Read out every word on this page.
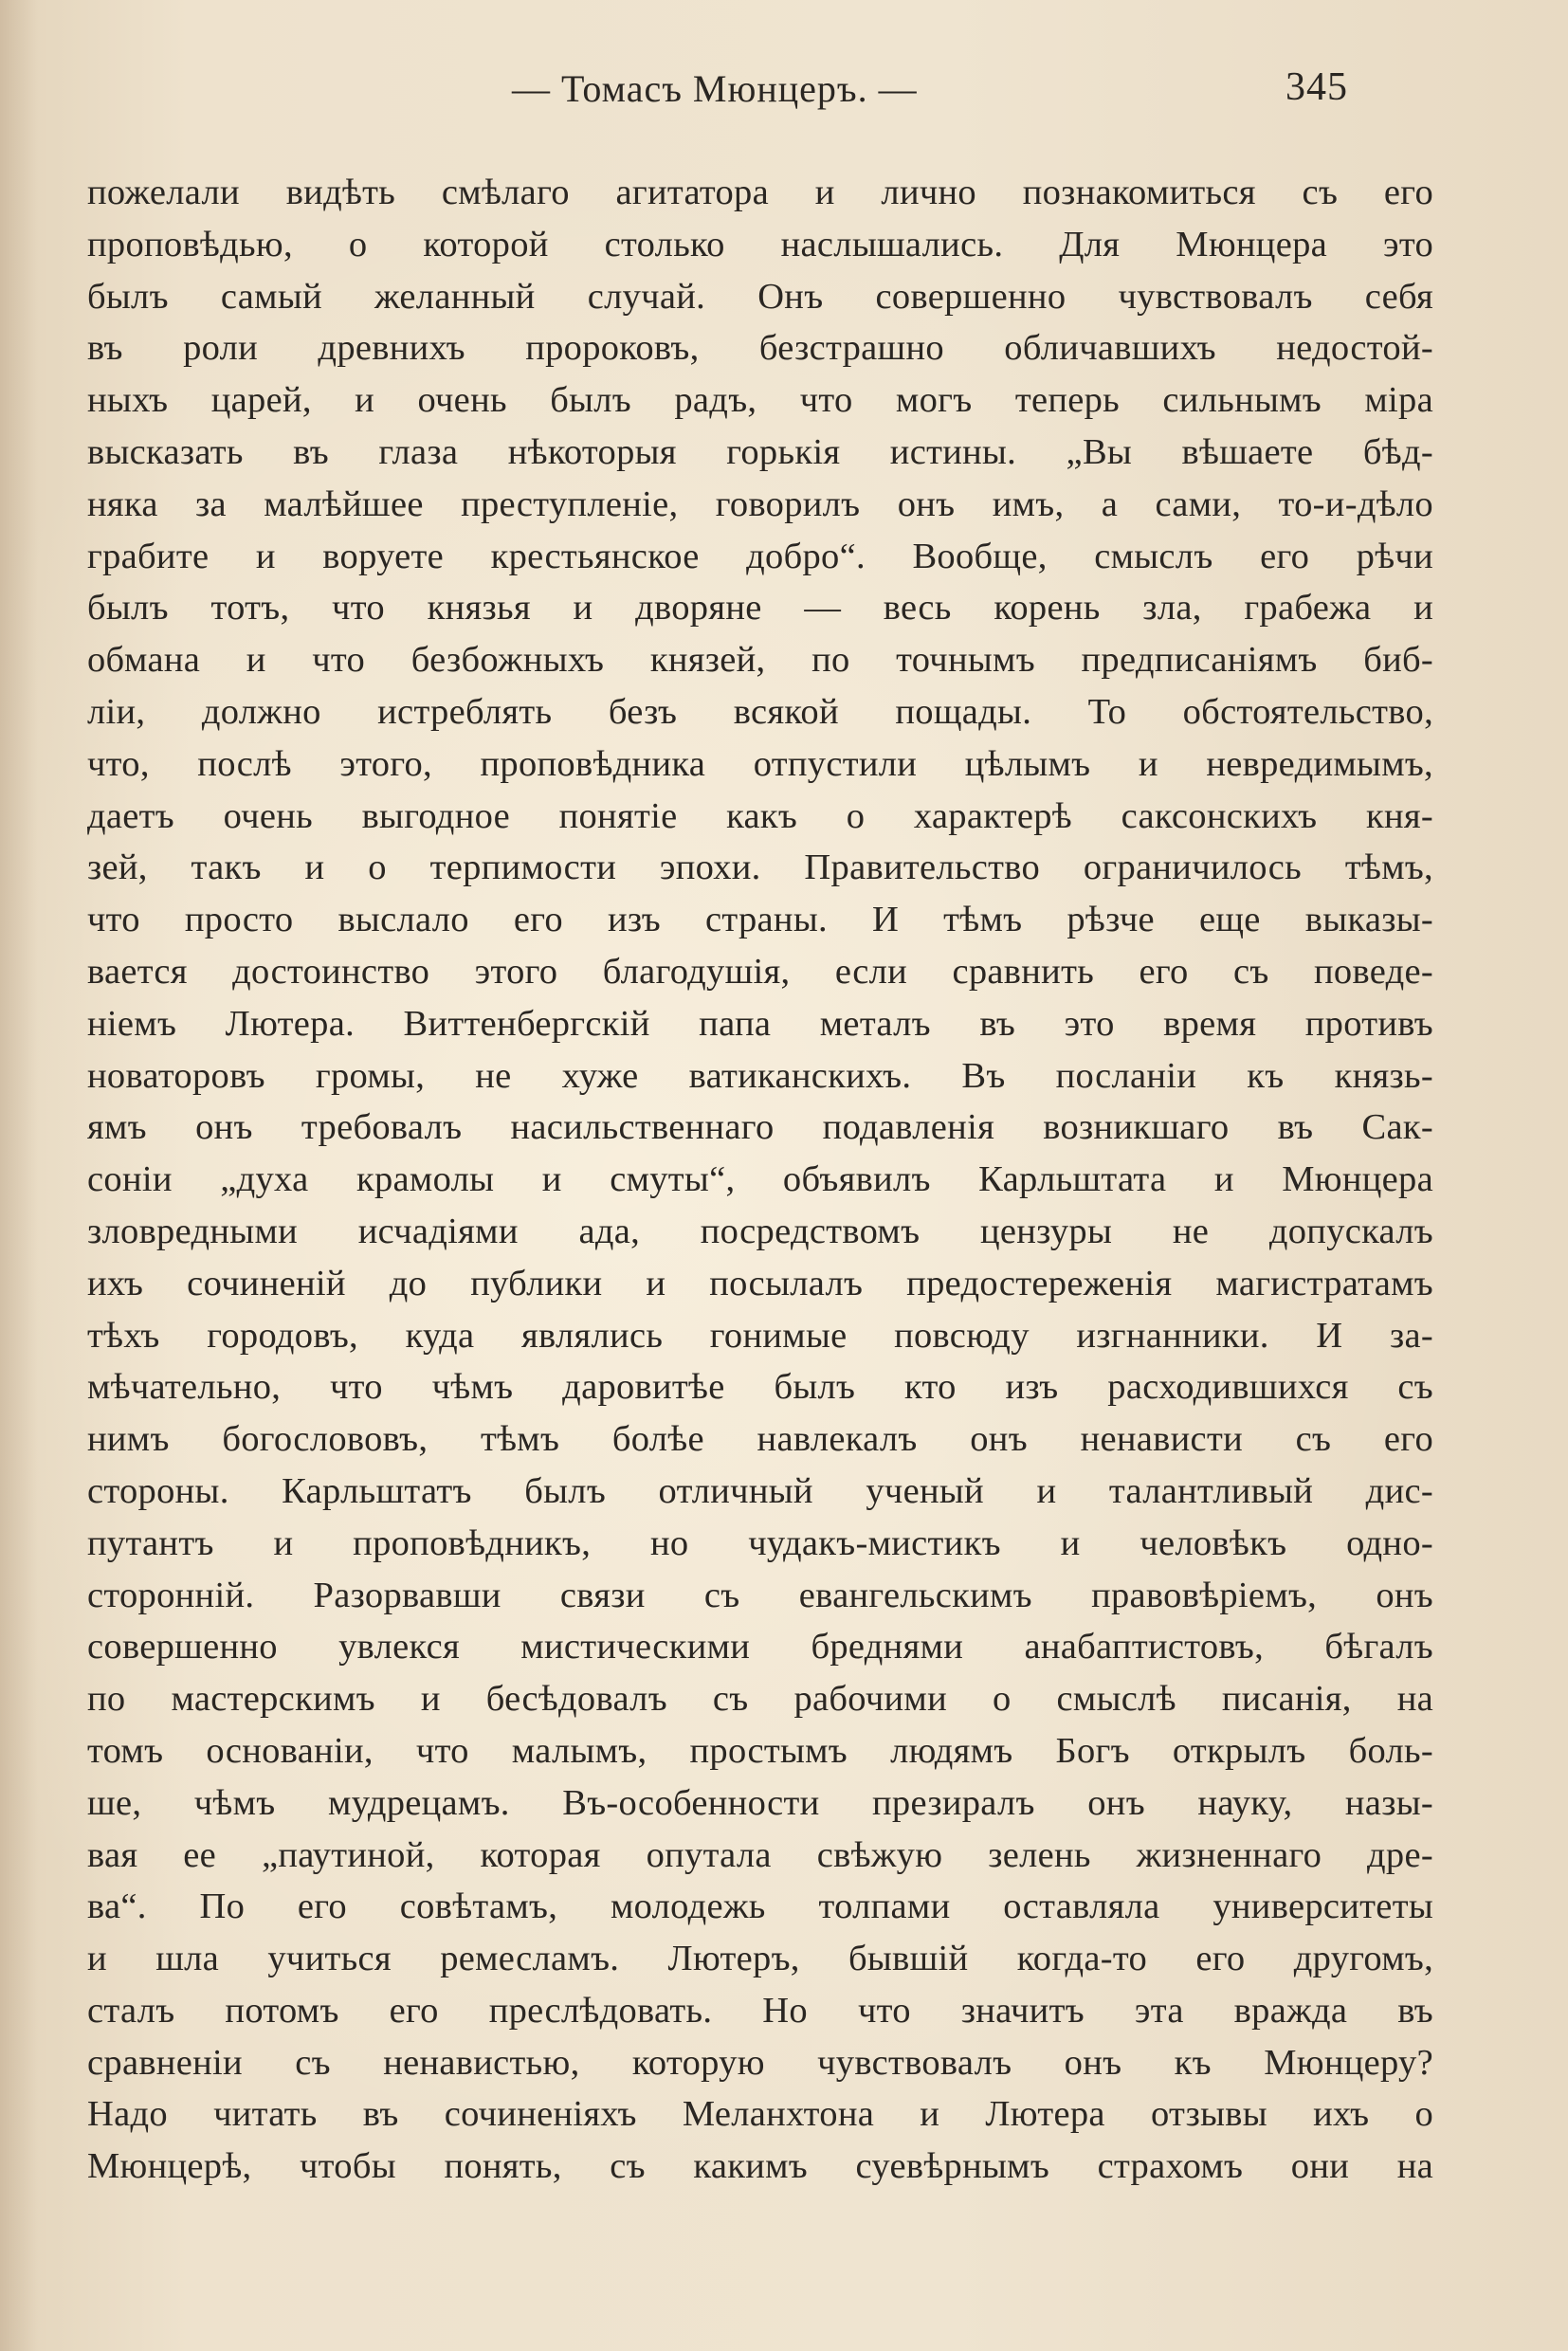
— Томасъ Мюнцеръ. —	345
пожелали видѣть смѣлаго агитатора и лично познакомиться съ его
проповѣдью, о которой столько наслышались. Для Мюнцера это
былъ самый желанный случай. Онъ совершенно чувствовалъ себя
въ роли древнихъ пророковъ, безстрашно обличавшихъ недостой-
ныхъ царей, и очень былъ радъ, что могъ теперь сильнымъ міра
высказать въ глаза нѣкоторыя горькія истины. „Вы вѣшаете бѣд-
няка за малѣйшее преступленіе, говорилъ онъ имъ, а сами, то-и-дѣло
грабите и воруете крестьянское добро“. Вообще, смыслъ его рѣчи
былъ тотъ, что князья и дворяне — весь корень зла, грабежа и
обмана и что безбожныхъ князей, по точнымъ предписаніямъ биб-
ліи, должно истреблять безъ всякой пощады. То обстоятельство,
что, послѣ этого, проповѣдника отпустили цѣлымъ и невредимымъ,
даетъ очень выгодное понятіе какъ о характерѣ саксонскихъ кня-
зей, такъ и о терпимости эпохи. Правительство ограничилось тѣмъ,
что просто выслало его изъ страны. И тѣмъ рѣзче еще выказы-
вается достоинство этого благодушія, если сравнить его съ поведе-
ніемъ Лютера. Виттенбергскій папа металъ въ это время противъ
новаторовъ громы, не хуже ватиканскихъ. Въ посланіи къ князь-
ямъ онъ требовалъ насильственнаго подавленія возникшаго въ Сак-
соніи „духа крамолы и смуты“, объявилъ Карльштата и Мюнцера
зловредными исчадіями ада, посредствомъ цензуры не допускалъ
ихъ сочиненій до публики и посылалъ предостереженія магистратамъ
тѣхъ городовъ, куда являлись гонимые повсюду изгнанники. И за-
мѣчательно, что чѣмъ даровитѣе былъ кто изъ расходившихся съ
нимъ богослововъ, тѣмъ болѣе навлекалъ онъ ненависти съ его
стороны. Карльштатъ былъ отличный ученый и талантливый дис-
путантъ и проповѣдникъ, но чудакъ-мистикъ и человѣкъ одно-
сторонній. Разорвавши связи съ евангельскимъ правовѣріемъ, онъ
совершенно увлекся мистическими бреднями анабаптистовъ, бѣгалъ
по мастерскимъ и бесѣдовалъ съ рабочими о смыслѣ писанія, на
томъ основаніи, что малымъ, простымъ людямъ Богъ открылъ боль-
ше, чѣмъ мудрецамъ. Въ-особенности презиралъ онъ науку, назы-
вая ее „паутиной, которая опутала свѣжую зелень жизненнаго дре-
ва“. По его совѣтамъ, молодежь толпами оставляла университеты
и шла учиться ремесламъ. Лютеръ, бывшій когда-то его другомъ,
сталъ потомъ его преслѣдовать. Но что значитъ эта вражда въ
сравненіи съ ненавистью, которую чувствовалъ онъ къ Мюнцеру?
Надо читать въ сочиненіяхъ Меланхтона и Лютера отзывы ихъ о
Мюнцерѣ, чтобы понять, съ какимъ суевѣрнымъ страхомъ они на
